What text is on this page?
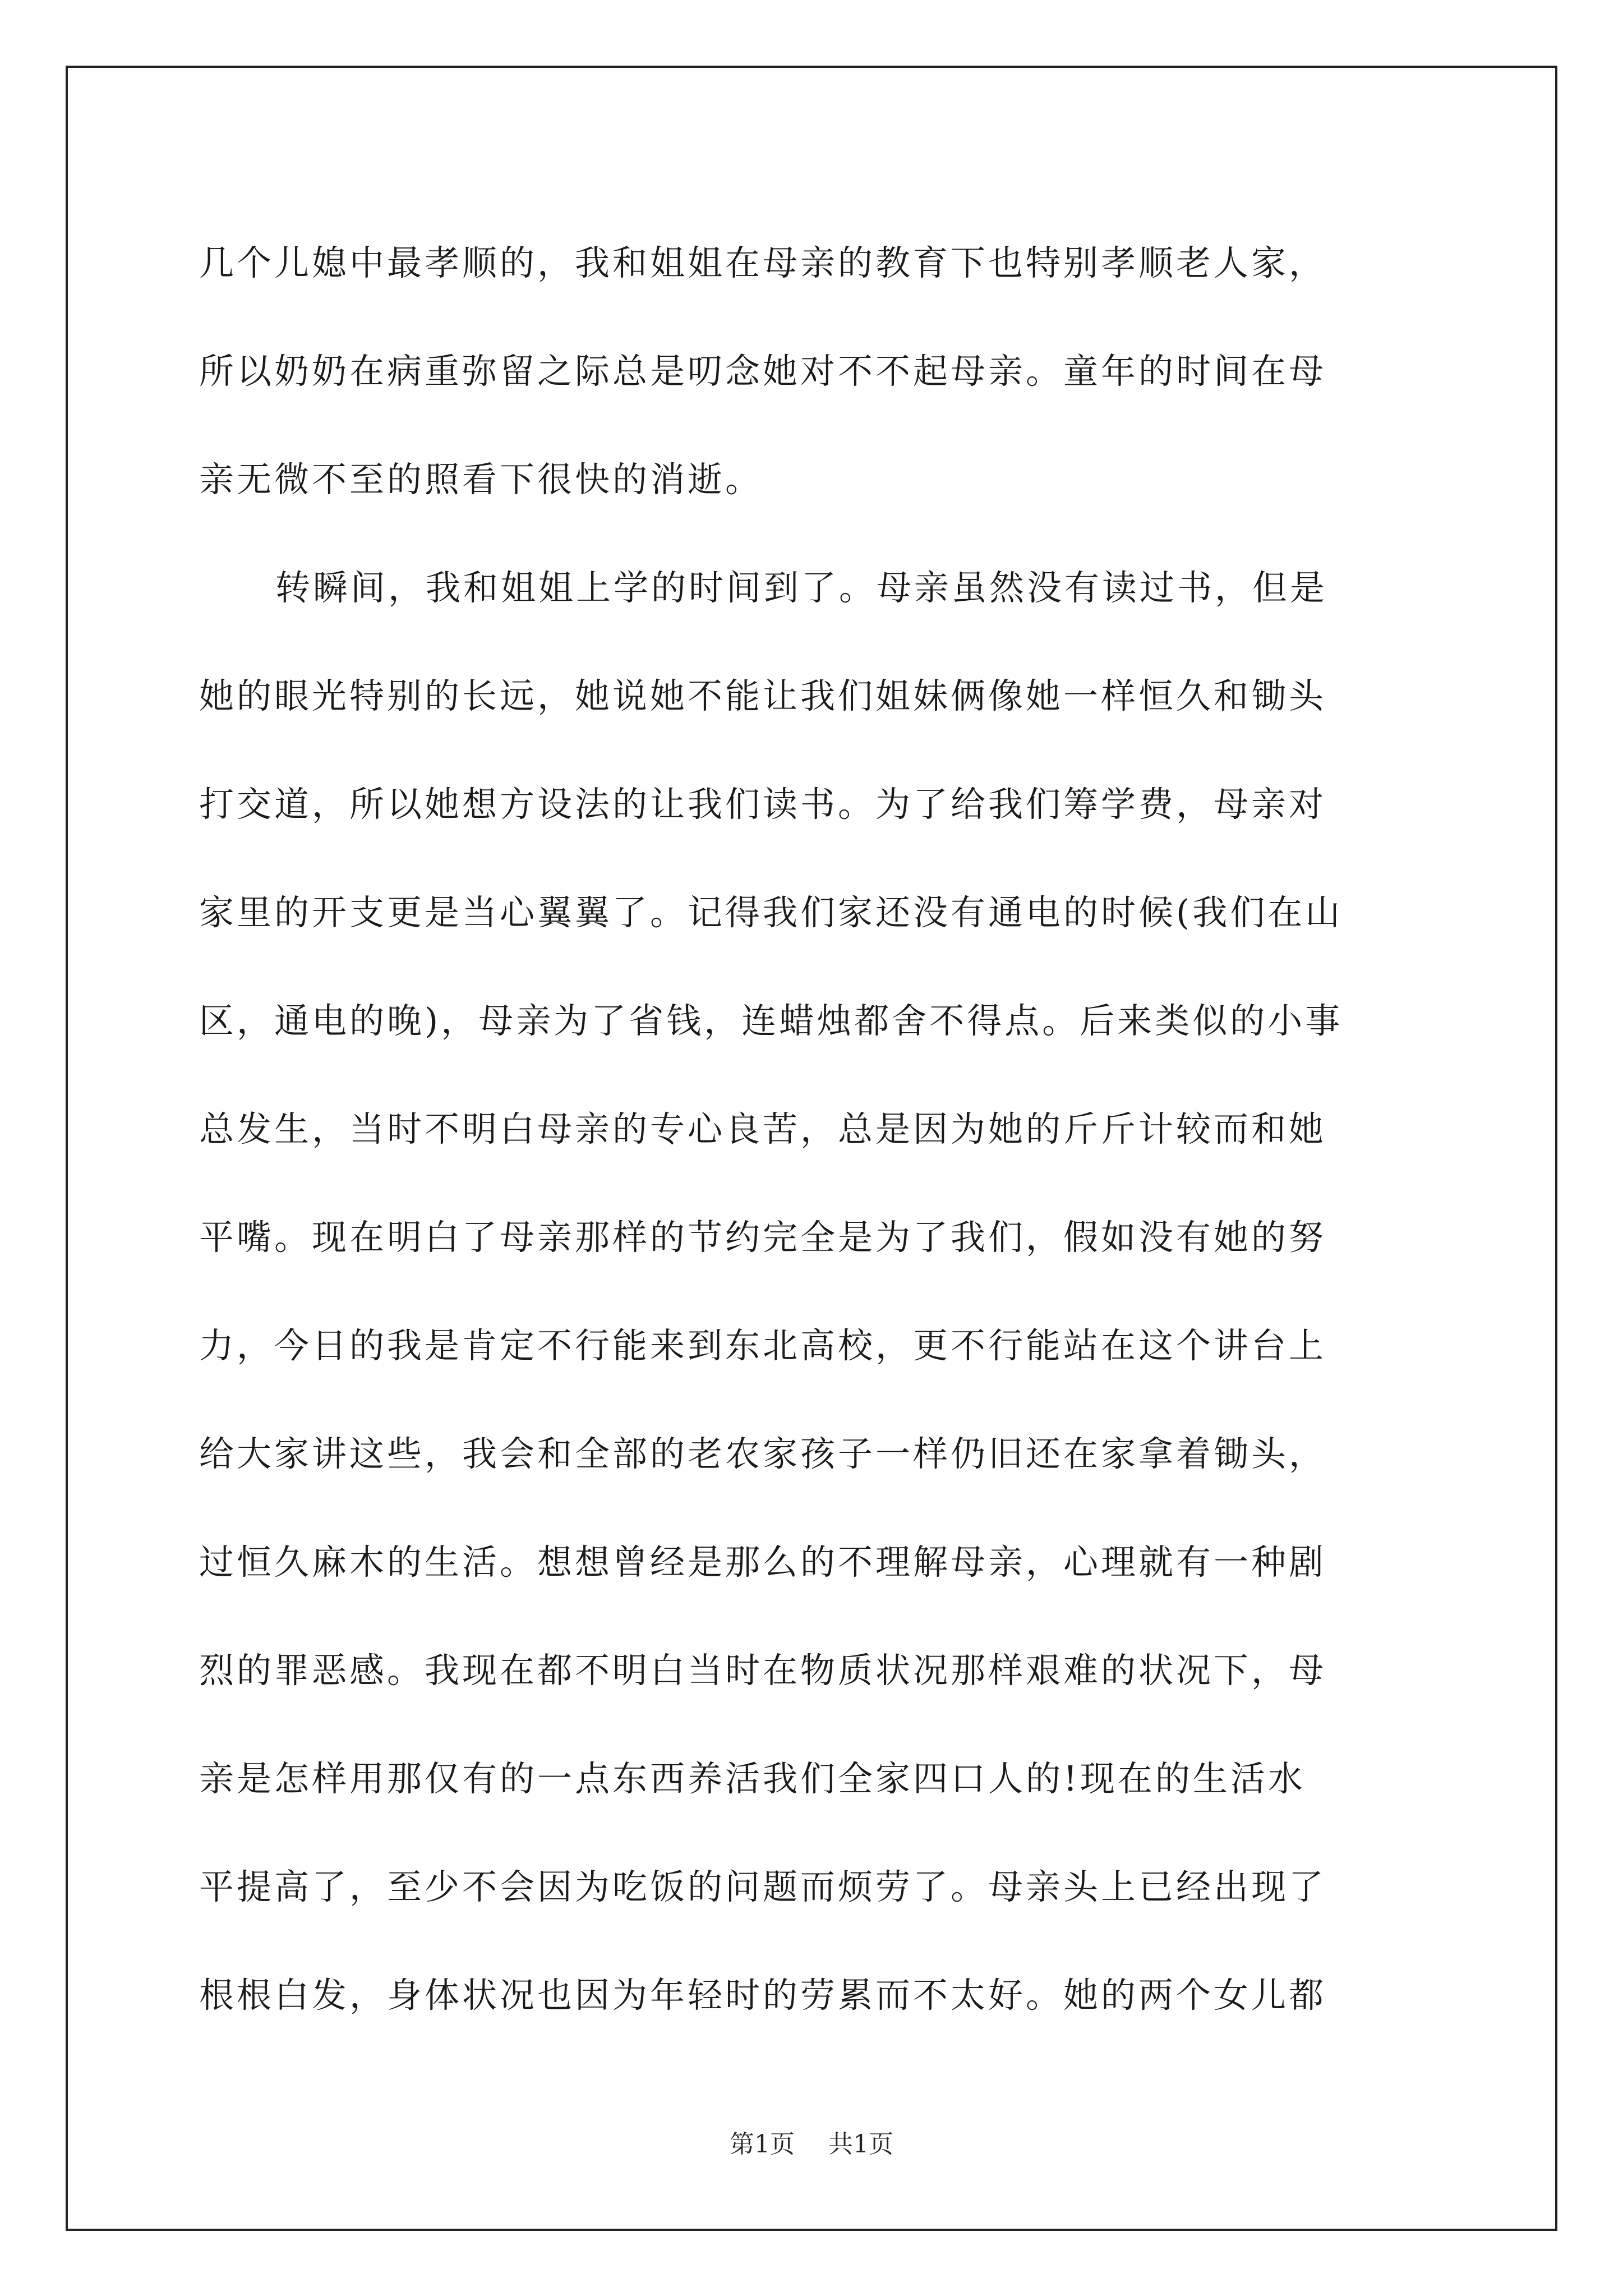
几个儿媳中最孝顺的，我和姐姐在母亲的教育下也特别孝顺老人家，
所以奶奶在病重弥留之际总是叨念她对不不起母亲。童年的时间在母
亲无微不至的照看下很快的消逝。
转瞬间，我和姐姐上学的时间到了。母亲虽然没有读过书，但是
她的眼光特别的长远，她说她不能让我们姐妹俩像她一样恒久和锄头
打交道，所以她想方设法的让我们读书。为了给我们筹学费，母亲对
家里的开支更是当心翼翼了。记得我们家还没有通电的时候(我们在山
区，通电的晚)，母亲为了省钱，连蜡烛都舍不得点。后来类似的小事
总发生，当时不明白母亲的专心良苦，总是因为她的斤斤计较而和她
平嘴。现在明白了母亲那样的节约完全是为了我们，假如没有她的努
力，今日的我是肯定不行能来到东北高校，更不行能站在这个讲台上
给大家讲这些，我会和全部的老农家孩子一样仍旧还在家拿着锄头，
过恒久麻木的生活。想想曾经是那么的不理解母亲，心理就有一种剧
烈的罪恶感。我现在都不明白当时在物质状况那样艰难的状况下，母
亲是怎样用那仅有的一点东西养活我们全家四口人的!现在的生活水
平提高了，至少不会因为吃饭的问题而烦劳了。母亲头上已经出现了
根根白发，身体状况也因为年轻时的劳累而不太好。她的两个女儿都
第1页 共1页
